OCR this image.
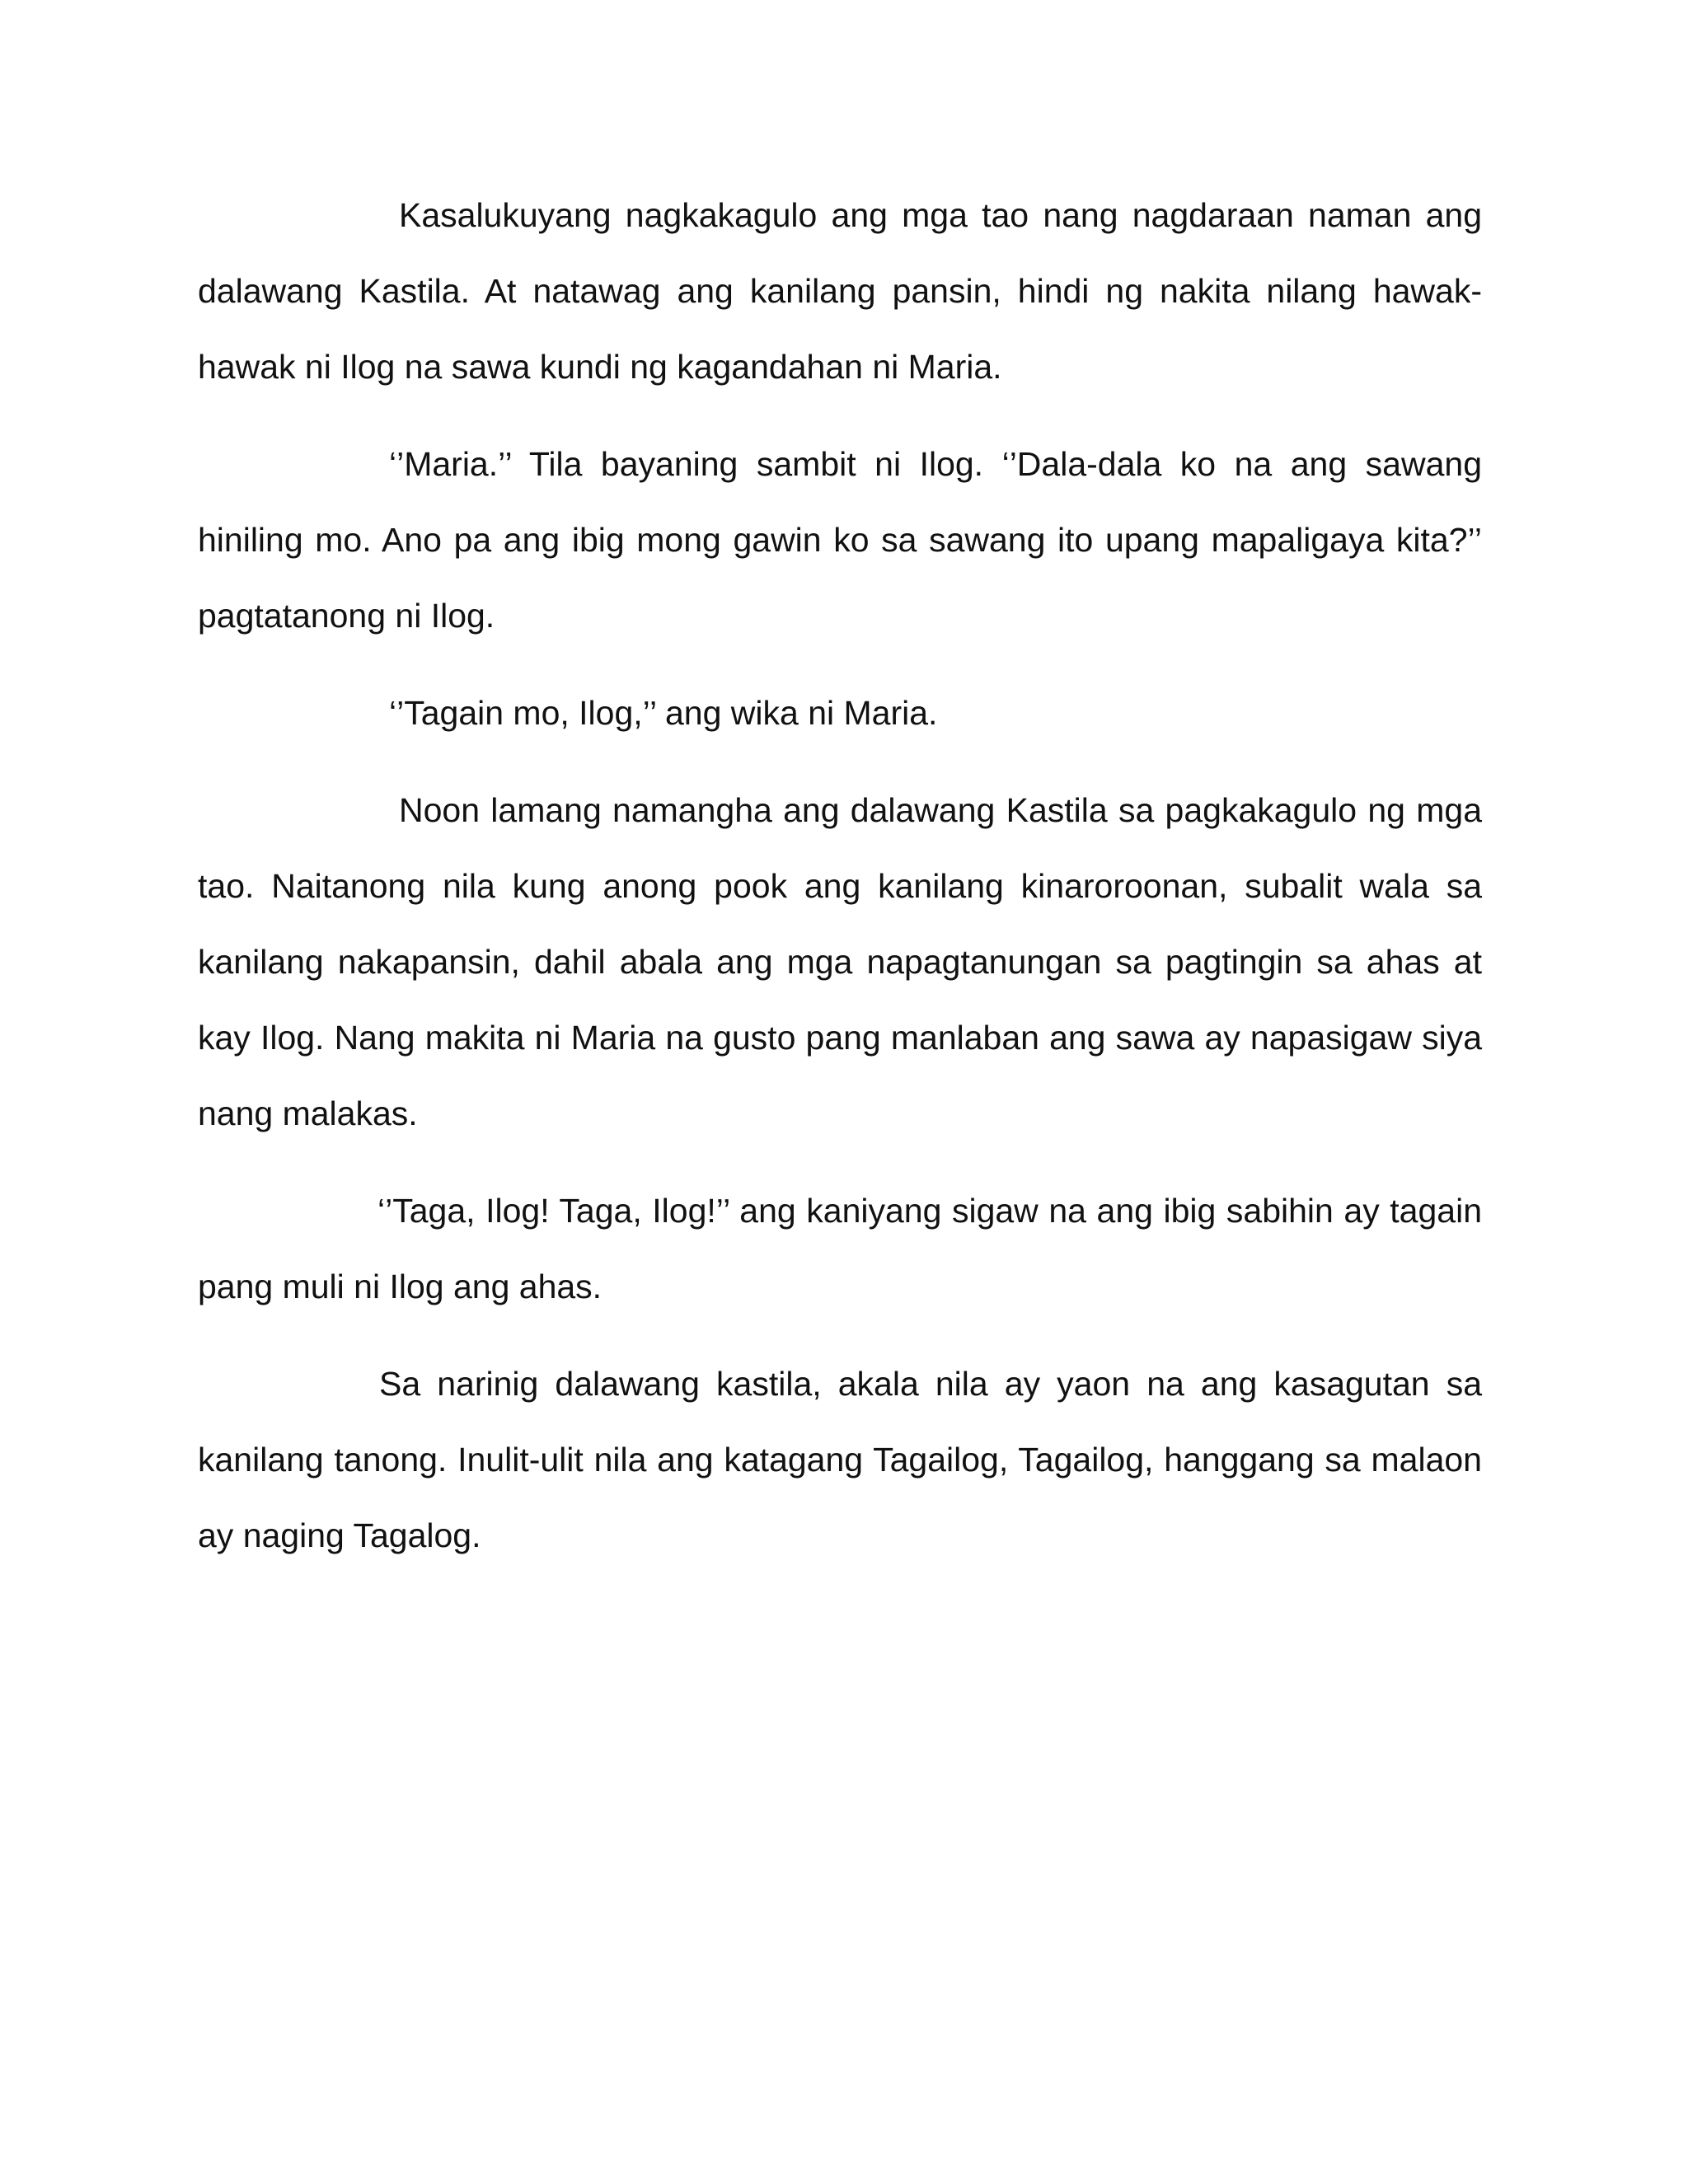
Kasalukuyang nagkakagulo ang mga tao nang nagdaraan naman ang dalawang Kastila. At natawag ang kanilang pansin, hindi ng nakita nilang hawak-hawak ni Ilog na sawa kundi ng kagandahan ni Maria.

‘’Maria.’’ Tila bayaning sambit ni Ilog. ‘’Dala-dala ko na ang sawang hiniling mo. Ano pa ang ibig mong gawin ko sa sawang ito upang mapaligaya kita?’’ pagtatanong ni Ilog.

‘’Tagain mo, Ilog,’’ ang wika ni Maria.

Noon lamang namangha ang dalawang Kastila sa pagkakagulo ng mga tao. Naitanong nila kung anong pook ang kanilang kinaroroonan, subalit wala sa kanilang nakapansin, dahil abala ang mga napagtanungan sa pagtingin sa ahas at kay Ilog. Nang makita ni Maria na gusto pang manlaban ang sawa ay napasigaw siya nang malakas.

‘’Taga, Ilog! Taga, Ilog!’’ ang kaniyang sigaw na ang ibig sabihin ay tagain pang muli ni Ilog ang ahas.

Sa narinig dalawang kastila, akala nila ay yaon na ang kasagutan sa kanilang tanong. Inulit-ulit nila ang katagang Tagailog, Tagailog, hanggang sa malaon ay naging Tagalog.
